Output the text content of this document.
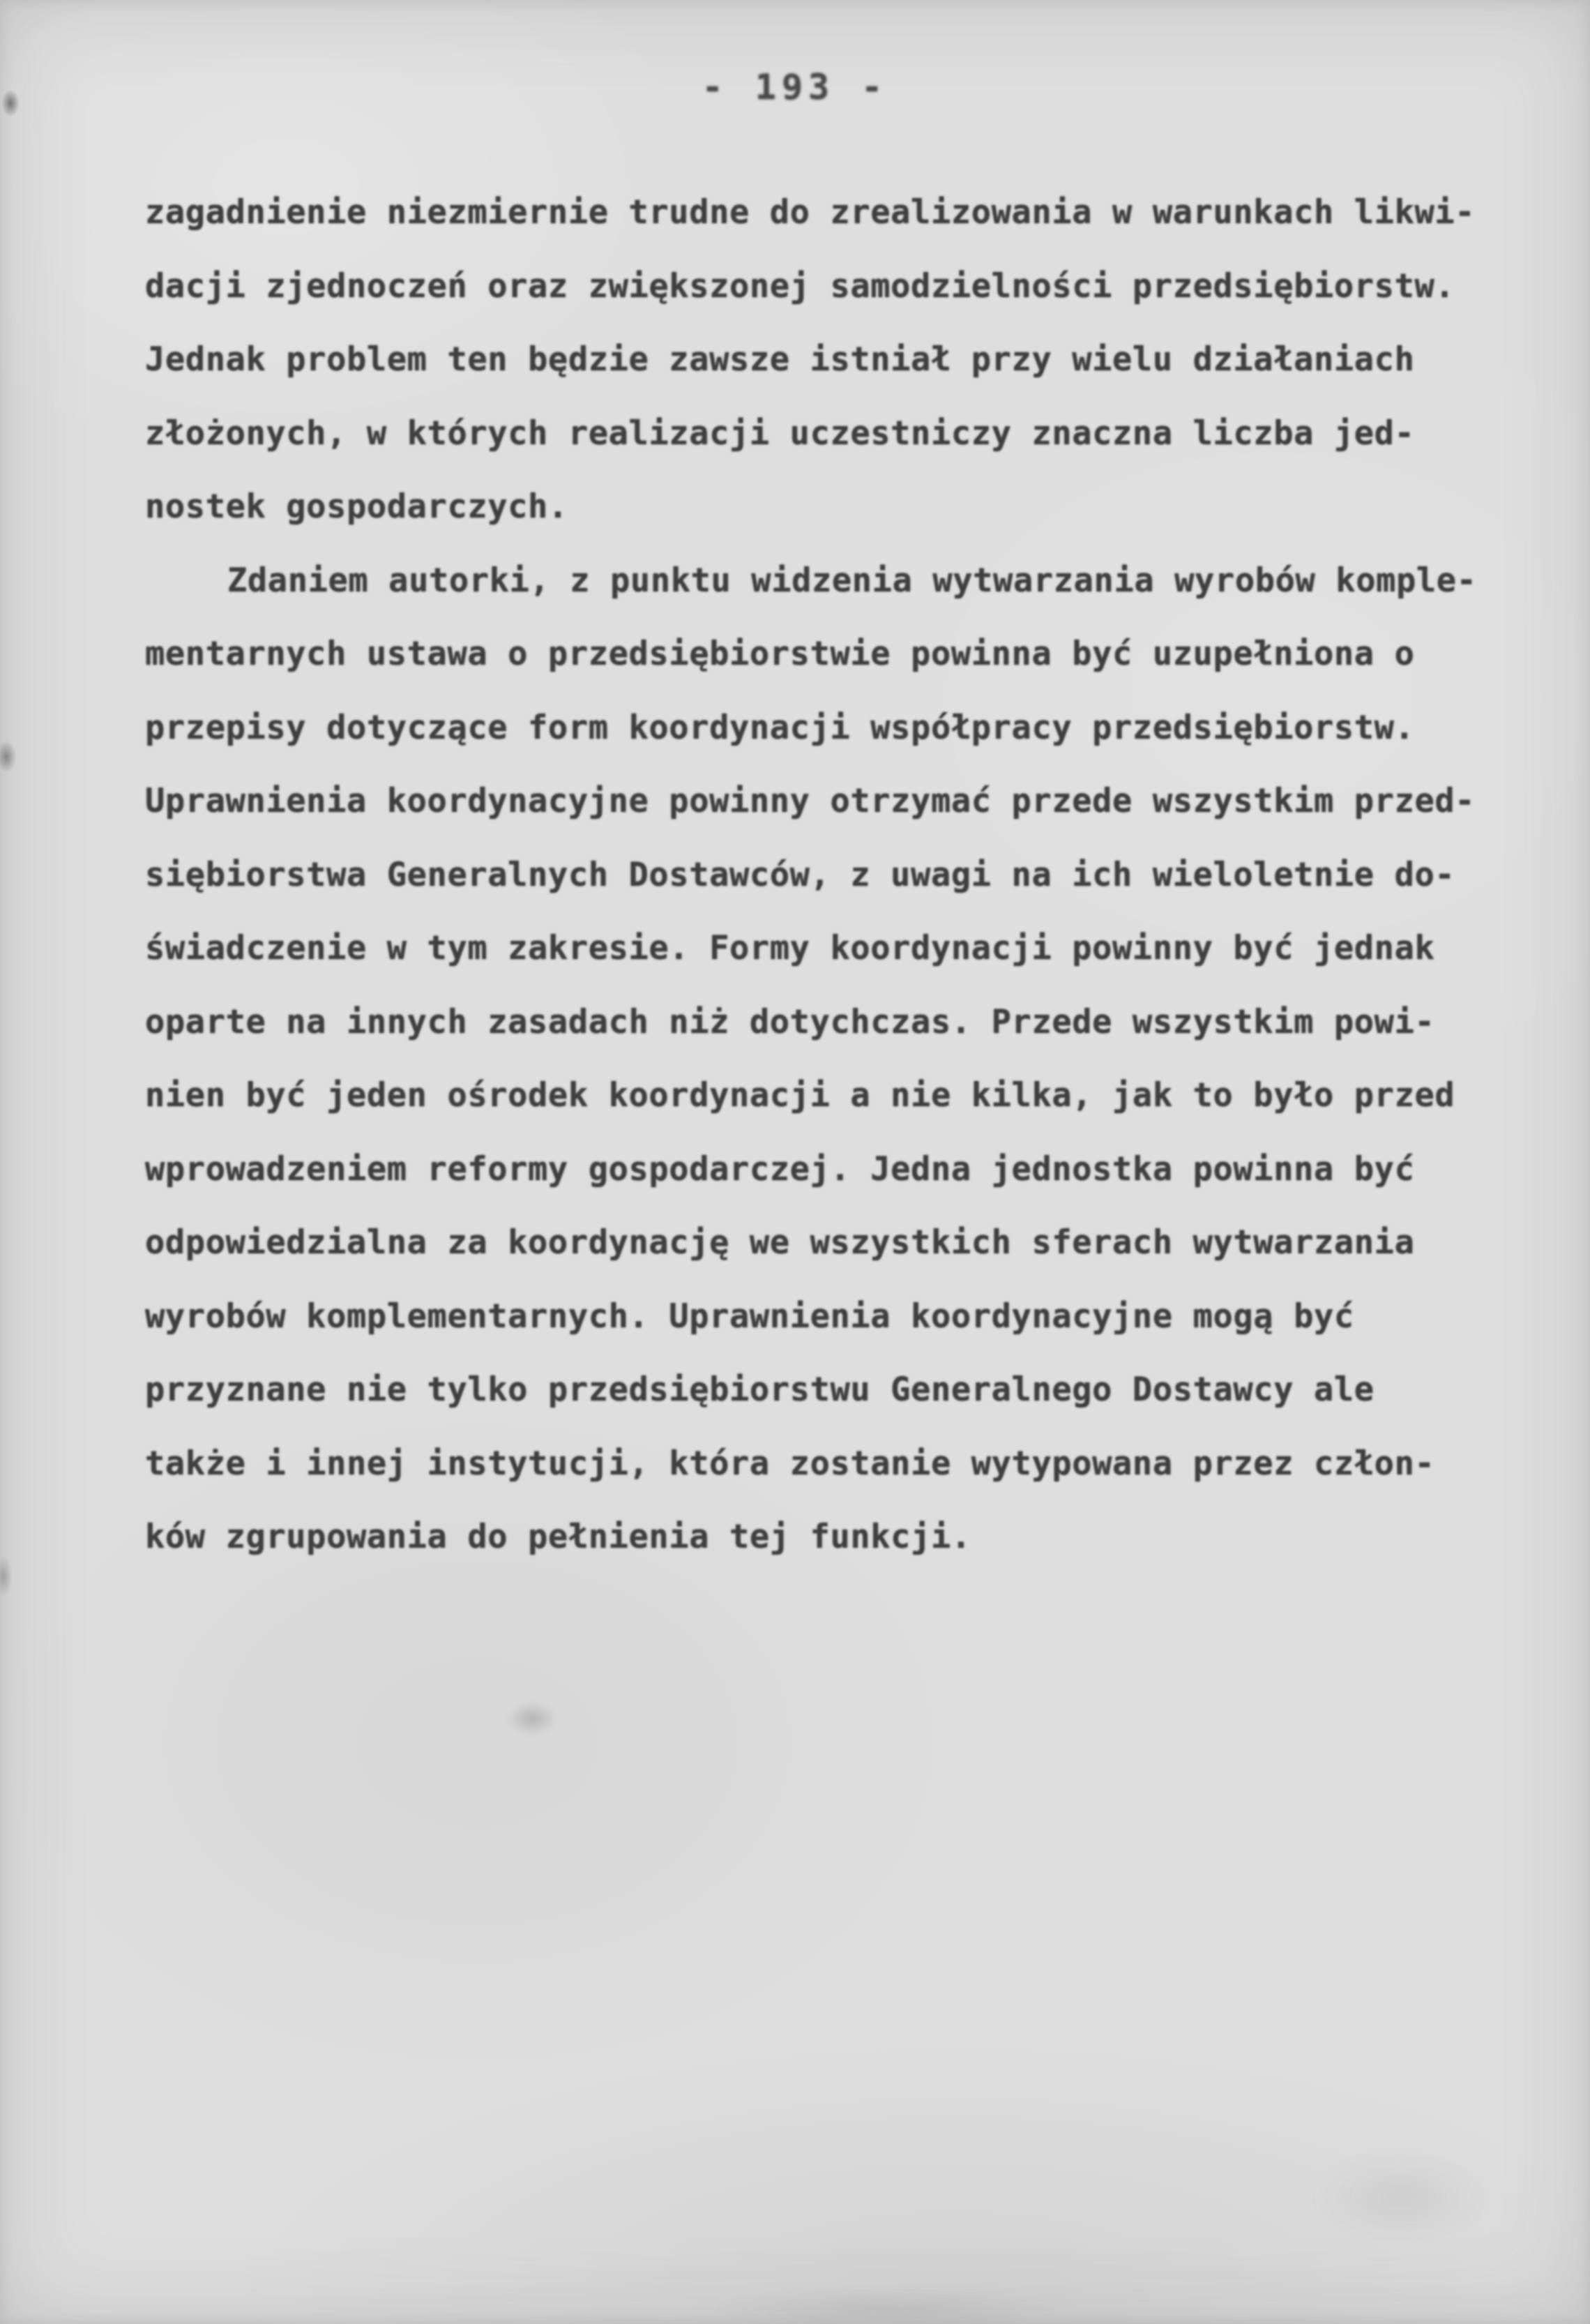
- 193 -
zagadnienie niezmiernie trudne do zrealizowania w warunkach likwi-
dacji zjednoczeń oraz zwiększonej samodzielności przedsiębiorstw.
Jednak problem ten będzie zawsze istniał przy wielu działaniach
złożonych, w których realizacji uczestniczy znaczna liczba jed-
nostek gospodarczych.
Zdaniem autorki, z punktu widzenia wytwarzania wyrobów komple-
mentarnych ustawa o przedsiębiorstwie powinna być uzupełniona o
przepisy dotyczące form koordynacji współpracy przedsiębiorstw.
Uprawnienia koordynacyjne powinny otrzymać przede wszystkim przed-
siębiorstwa Generalnych Dostawców, z uwagi na ich wieloletnie do-
świadczenie w tym zakresie. Formy koordynacji powinny być jednak
oparte na innych zasadach niż dotychczas. Przede wszystkim powi-
nien być jeden ośrodek koordynacji a nie kilka, jak to było przed
wprowadzeniem reformy gospodarczej. Jedna jednostka powinna być
odpowiedzialna za koordynację we wszystkich sferach wytwarzania
wyrobów komplementarnych. Uprawnienia koordynacyjne mogą być
przyznane nie tylko przedsiębiorstwu Generalnego Dostawcy ale
także i innej instytucji, która zostanie wytypowana przez człon-
ków zgrupowania do pełnienia tej funkcji.
